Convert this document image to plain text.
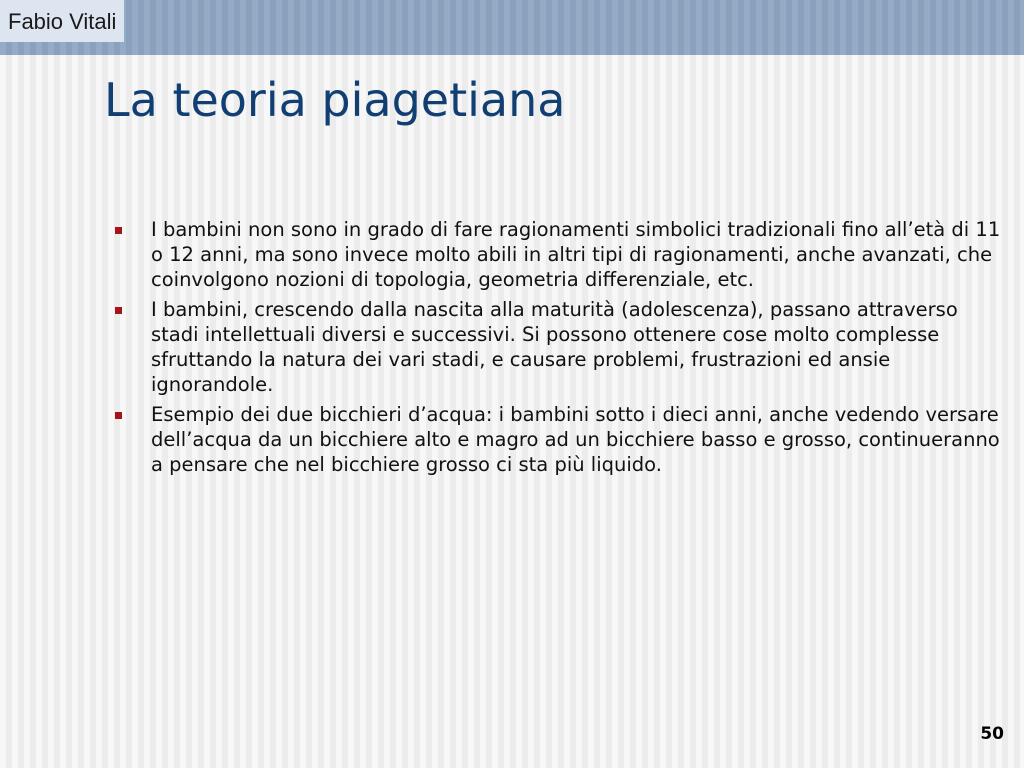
Fabio Vitali
La teoria piagetiana
I bambini non sono in grado di fare ragionamenti simbolici tradizionali fino all’età di 11 o 12 anni, ma sono invece molto abili in altri tipi di ragionamenti, anche avanzati, che coinvolgono nozioni di topologia, geometria differenziale, etc.
I bambini, crescendo dalla nascita alla maturità (adolescenza), passano attraverso stadi intellettuali diversi e successivi. Si possono ottenere cose molto complesse sfruttando la natura dei vari stadi, e causare problemi, frustrazioni ed ansie ignorandole.
Esempio dei due bicchieri d’acqua: i bambini sotto i dieci anni, anche vedendo versare dell’acqua da un bicchiere alto e magro ad un bicchiere basso e grosso, continueranno a pensare che nel bicchiere grosso ci sta più liquido.
50
